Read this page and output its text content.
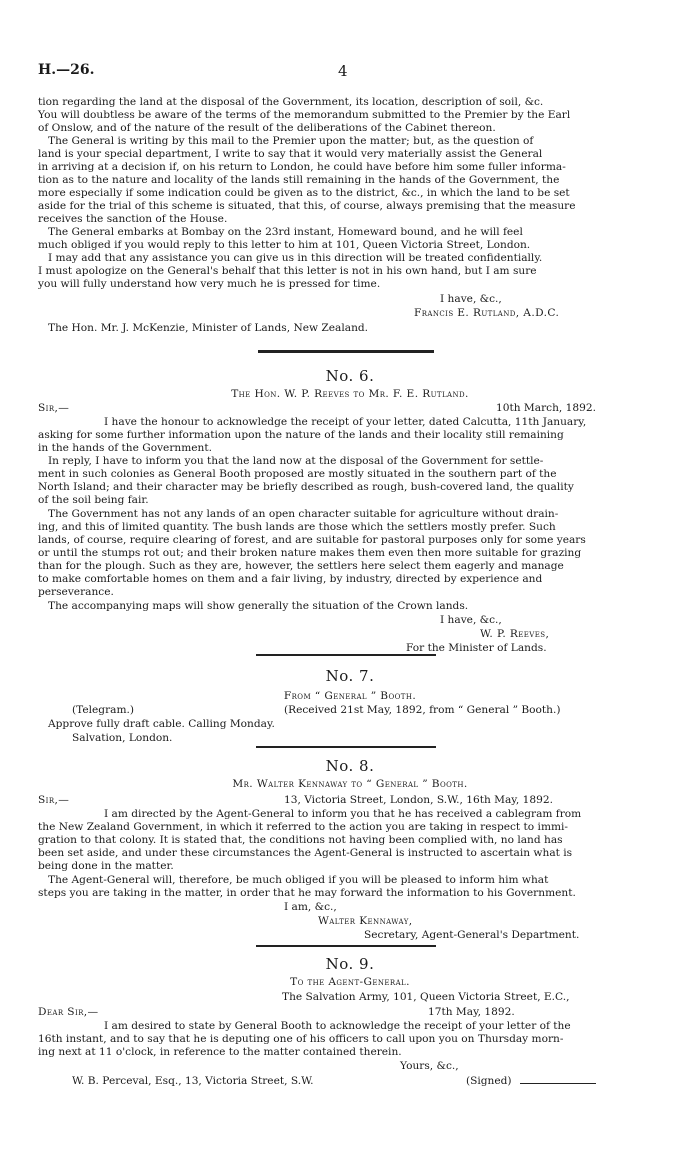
H.—26.	4
tion regarding the land at the disposal of the Government, its location, description of soil, &c.
You will doubtless be aware of the terms of the memorandum submitted to the Premier by the Earl
of Onslow, and of the nature of the result of the deliberations of the Cabinet thereon.
The General is writing by this mail to the Premier upon the matter; but, as the question of
land is your special department, I write to say that it would very materially assist the General
in arriving at a decision if, on his return to London, he could have before him some fuller informa-
tion as to the nature and locality of the lands still remaining in the hands of the Government, the
more especially if some indication could be given as to the district, &c., in which the land to be set
aside for the trial of this scheme is situated, that this, of course, always premising that the measure
receives the sanction of the House.
The General embarks at Bombay on the 23rd instant, Homeward bound, and he will feel
much obliged if you would reply to this letter to him at 101, Queen Victoria Street, London.
I may add that any assistance you can give us in this direction will be treated confidentially.
I must apologize on the General's behalf that this letter is not in his own hand, but I am sure
you will fully understand how very much he is pressed for time.
I have, &c.,
Francis E. Rutland, A.D.C.
The Hon. Mr. J. McKenzie, Minister of Lands, New Zealand.
No. 6.
The Hon. W. P. Reeves to Mr. F. E. Rutland.
Sir,—	10th March, 1892.
I have the honour to acknowledge the receipt of your letter, dated Calcutta, 11th January,
asking for some further information upon the nature of the lands and their locality still remaining
in the hands of the Government.
In reply, I have to inform you that the land now at the disposal of the Government for settle-
ment in such colonies as General Booth proposed are mostly situated in the southern part of the
North Island; and their character may be briefly described as rough, bush-covered land, the quality
of the soil being fair.
The Government has not any lands of an open character suitable for agriculture without drain-
ing, and this of limited quantity. The bush lands are those which the settlers mostly prefer. Such
lands, of course, require clearing of forest, and are suitable for pastoral purposes only for some years
or until the stumps rot out; and their broken nature makes them even then more suitable for grazing
than for the plough. Such as they are, however, the settlers here select them eagerly and manage
to make comfortable homes on them and a fair living, by industry, directed by experience and
perseverance.
The accompanying maps will show generally the situation of the Crown lands.
I have, &c.,
W. P. Reeves,
For the Minister of Lands.
No. 7.
From “ General ” Booth.
(Telegram.)	(Received 21st May, 1892, from “ General ” Booth.)
Approve fully draft cable. Calling Monday.
Salvation, London.
No. 8.
Mr. Walter Kennaway to “ General ” Booth.
Sir,—	13, Victoria Street, London, S.W., 16th May, 1892.
I am directed by the Agent-General to inform you that he has received a cablegram from
the New Zealand Government, in which it referred to the action you are taking in respect to immi-
gration to that colony. It is stated that, the conditions not having been complied with, no land has
been set aside, and under these circumstances the Agent-General is instructed to ascertain what is
being done in the matter.
The Agent-General will, therefore, be much obliged if you will be pleased to inform him what
steps you are taking in the matter, in order that he may forward the information to his Government.
I am, &c.,
Walter Kennaway,
Secretary, Agent-General's Department.
No. 9.
To the Agent-General.
The Salvation Army, 101, Queen Victoria Street, E.C.,
Dear Sir,—	17th May, 1892.
I am desired to state by General Booth to acknowledge the receipt of your letter of the
16th instant, and to say that he is deputing one of his officers to call upon you on Thursday morn-
ing next at 11 o'clock, in reference to the matter contained therein.
Yours, &c.,
W. B. Perceval, Esq., 13, Victoria Street, S.W.	(Signed)
